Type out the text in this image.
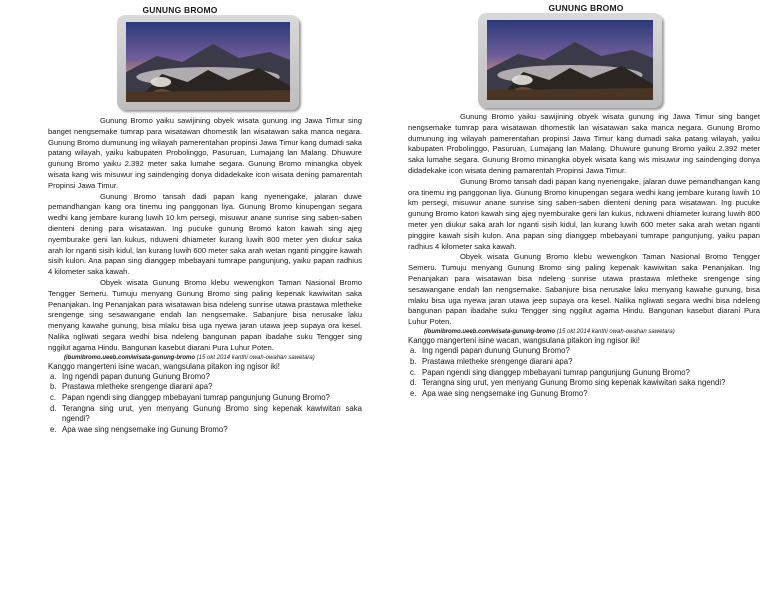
GUNUNG BROMO

Gunung Bromo yaiku sawijining obyek wisata gunung ing Jawa Timur sing banget nengsemake tumrap para wisatawan dhomestik lan wisatawan saka manca negara. Gunung Bromo dumunung ing wilayah pamerentahan propinsi Jawa Timur kang dumadi saka patang wilayah, yaiku kabupaten Probolinggo, Pasuruan, Lumajang lan Malang. Dhuwure gunung Bromo yaiku 2.392 meter saka lumahe segara. Gunung Bromo minangka obyek wisata kang wis misuwur ing saindenging donya didadekake icon wisata dening pamarentah Propinsi Jawa Timur.

Gunung Bromo tansah dadi papan kang nyenengake, jalaran duwe pemandhangan kang ora tinemu ing panggonan liya. Gunung Bromo kinupengan segara wedhi kang jembare kurang luwih 10 km persegi, misuwur anane sunrise sing saben-saben dienteni dening para wisatawan. Ing pucuke gunung Bromo katon kawah sing ajeg nyemburake geni lan kukus, nduweni dhiameter kurang luwih 800 meter yen diukur saka arah lor nganti sisih kidul, lan kurang luwih 600 meter saka arah wetan nganti pinggire kawah sisih kulon. Ana papan sing dianggep mbebayani tumrape pangunjung, yaiku papan radhius 4 kilometer saka kawah.

Obyek wisata Gunung Bromo klebu wewengkon Taman Nasional Bromo Tengger Semeru. Tumuju menyang Gunung Bromo sing paling kepenak kawiwitan saka Penanjakan. Ing Penanjakan para wisatawan bisa ndeleng sunrise utawa prastawa mletheke srengenge sing sesawangane endah lan nengsemake. Sabanjure bisa nerusake laku menyang kawahe gunung, bisa mlaku bisa uga nyewa jaran utawa jeep supaya ora kesel. Nalika ngliwati segara wedhi bisa ndeleng bangunan papan ibadahe suku Tengger sing nggilut agama Hindu. Bangunan kasebut diarani Pura Luhur Poten.

(ibumibromo.ueeb.com/wisata-gunung-bromo (15 okt 2014 kanthi owah-owahan sawetara)

Kanggo mangerteni isine wacan, wangsulana pitakon ing ngisor iki!

a. Ing ngendi papan dunung Gunung Bromo?
b. Prastawa mletheke srengenge diarani apa?
c. Papan ngendi sing dianggep mbebayani tumrap pangunjung Gunung Bromo?
d. Terangna sing urut, yen menyang Gunung Bromo sing kepenak kawiwitan saka ngendi?
e. Apa wae sing nengsemake ing Gunung Bromo?
GUNUNG BROMO

Gunung Bromo yaiku sawijining obyek wisata gunung ing Jawa Timur sing banget nengsemake tumrap para wisatawan dhomestik lan wisatawan saka manca negara. Gunung Bromo dumunung ing wilayah pamerentahan propinsi Jawa Timur kang dumadi saka patang wilayah, yaiku kabupaten Probolinggo, Pasuruan, Lumajang lan Malang. Dhuwure gunung Bromo yaiku 2.392 meter saka lumahe segara. Gunung Bromo minangka obyek wisata kang wis misuwur ing saindenging donya didadekake icon wisata dening pamarentah Propinsi Jawa Timur.

Gunung Bromo tansah dadi papan kang nyenengake, jalaran duwe pemandhangan kang ora tinemu ing panggonan liya. Gunung Bromo kinupengan segara wedhi kang jembare kurang luwih 10 km persegi, misuwur anane sunrise sing saben-saben dienteni dening para wisatawan. Ing pucuke gunung Bromo katon kawah sing ajeg nyemburake geni lan kukus, nduweni dhiameter kurang luwih 800 meter yen diukur saka arah lor nganti sisih kidul, lan kurang luwih 600 meter saka arah wetan nganti pinggire kawah sisih kulon. Ana papan sing dianggep mbebayani tumrape pangunjung, yaiku papan radhius 4 kilometer saka kawah.

Obyek wisata Gunung Bromo klebu wewengkon Taman Nasional Bromo Tengger Semeru. Tumuju menyang Gunung Bromo sing paling kepenak kawiwitan saka Penanjakan. Ing Penanjakan para wisatawan bisa ndeleng sunrise utawa prastawa mletheke srengenge sing sesawangane endah lan nengsemake. Sabanjure bisa nerusake laku menyang kawahe gunung, bisa mlaku bisa uga nyewa jaran utawa jeep supaya ora kesel. Nalika ngliwati segara wedhi bisa ndeleng bangunan papan ibadahe suku Tengger sing nggilut agama Hindu. Bangunan kasebut diarani Pura Luhur Poten.

(ibumibromo.ueeb.com/wisata-gunung-bromo (15 okt 2014 kanthi owah-owahan sawetara)

Kanggo mangerteni isine wacan, wangsulana pitakon ing ngisor iki!

a. Ing ngendi papan dunung Gunung Bromo?
b. Prastawa mletheke srengenge diarani apa?
c. Papan ngendi sing dianggep mbebayani tumrap pangunjung Gunung Bromo?
d. Terangna sing urut, yen menyang Gunung Bromo sing kepenak kawiwitan saka ngendi?
e. Apa wae sing nengsemake ing Gunung Bromo?
